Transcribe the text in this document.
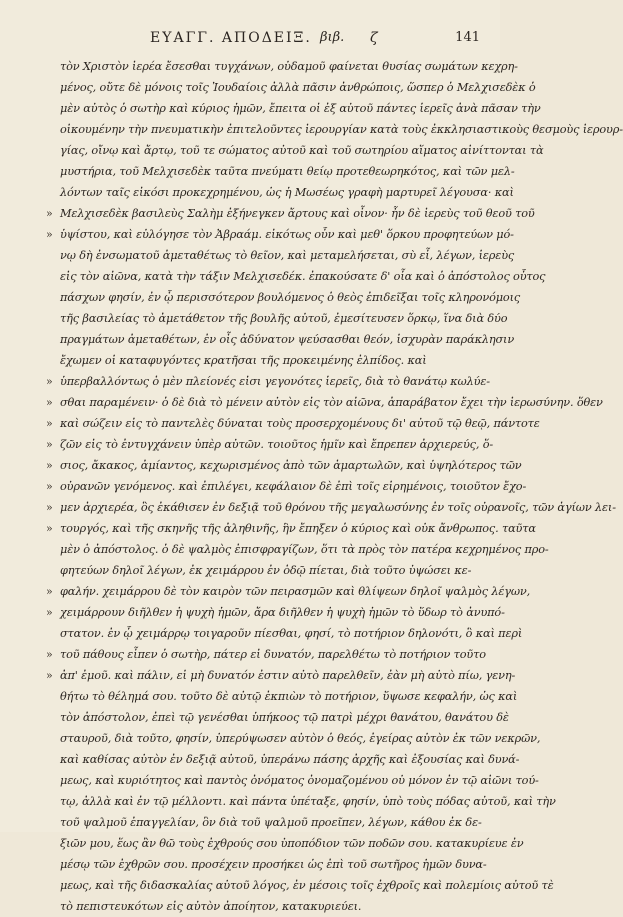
ΕΥΑΓΓ. ΑΠΟΔΕΙΞ. βιβ. ζ	141
τὸν Χριστὸν ἱερέα ἔσεσθαι τυγχάνων, οὐδαμοῦ φαίνεται θυσίας σωμάτων κεχρη-
μένος, οὔτε δὲ μόνοις τοῖς Ἰουδαίοις ἀλλὰ πᾶσιν ἀνθρώποις, ὥσπερ ὁ Μελχισεδὲκ ὁ
μὲν αὐτὸς ὁ σωτὴρ καὶ κύριος ἡμῶν, ἔπειτα οἱ ἐξ αὐτοῦ πάντες ἱερεῖς ἀνὰ πᾶσαν τὴν
οἰκουμένην τὴν πνευματικὴν ἐπιτελοῦντες ἱερουργίαν κατὰ τοὺς ἐκκλησιαστικοὺς θεσμοὺς ἱερουρ-
γίας, οἴνῳ καὶ ἄρτῳ, τοῦ τε σώματος αὐτοῦ καὶ τοῦ σωτηρίου αἵματος αἰνίττονται τὰ
μυστήρια, τοῦ Μελχισεδὲκ ταῦτα πνεύματι θείῳ προτεθεωρηκότος, καὶ τῶν μελ-
λόντων ταῖς εἰκόσι προκεχρημένου, ὡς ἡ Μωσέως γραφὴ μαρτυρεῖ λέγουσα· καὶ
» Μελχισεδὲκ βασιλεὺς Σαλὴμ ἐξήνεγκεν ἄρτους καὶ οἶνον· ἦν δὲ ἱερεὺς τοῦ θεοῦ τοῦ
» ὑψίστου, καὶ εὐλόγησε τὸν Ἀβραάμ. εἰκότως οὖν καὶ μεθ' ὅρκου προφητεύων μό-
νῳ δὴ ἐνσωματοῦ ἀμεταθέτως τὸ θεῖον, καὶ μεταμελήσεται, σὺ εἶ, λέγων, ἱερεὺς
εἰς τὸν αἰῶνα, κατὰ τὴν τάξιν Μελχισεδέκ. ἐπακούσατε δ' οἷα καὶ ὁ ἀπόστολος οὗτος
πάσχων φησίν, ἐν ᾧ περισσότερον βουλόμενος ὁ θεὸς ἐπιδεῖξαι τοῖς κληρονόμοις
τῆς βασιλείας τὸ ἀμετάθετον τῆς βουλῆς αὐτοῦ, ἐμεσίτευσεν ὅρκῳ, ἵνα διὰ δύο
πραγμάτων ἀμεταθέτων, ἐν οἷς ἀδύνατον ψεύσασθαι θεόν, ἰσχυρὰν παράκλησιν
ἔχωμεν οἱ καταφυγόντες κρατῆσαι τῆς προκειμένης ἐλπίδος. καὶ
» ὑπερβαλλόντως ὁ μὲν πλείονές εἰσι γεγονότες ἱερεῖς, διὰ τὸ θανάτῳ κωλύε-
» σθαι παραμένειν· ὁ δὲ διὰ τὸ μένειν αὐτὸν εἰς τὸν αἰῶνα, ἀπαράβατον ἔχει τὴν ἱερωσύνην. ὅθεν
» καὶ σώζειν εἰς τὸ παντελὲς δύναται τοὺς προσερχομένους δι' αὐτοῦ τῷ θεῷ, πάντοτε
» ζῶν εἰς τὸ ἐντυγχάνειν ὑπὲρ αὐτῶν. τοιοῦτος ἡμῖν καὶ ἔπρεπεν ἀρχιερεύς, ὅ-
» σιος, ἄκακος, ἀμίαντος, κεχωρισμένος ἀπὸ τῶν ἁμαρτωλῶν, καὶ ὑψηλότερος τῶν
» οὐρανῶν γενόμενος. καὶ ἐπιλέγει, κεφάλαιον δὲ ἐπὶ τοῖς εἰρημένοις, τοιοῦτον ἔχο-
» μεν ἀρχιερέα, ὃς ἐκάθισεν ἐν δεξιᾷ τοῦ θρόνου τῆς μεγαλωσύνης ἐν τοῖς οὐρανοῖς, τῶν ἁγίων λει-
» τουργός, καὶ τῆς σκηνῆς τῆς ἀληθινῆς, ἣν ἔπηξεν ὁ κύριος καὶ οὐκ ἄνθρωπος. ταῦτα
μὲν ὁ ἀπόστολος. ὁ δὲ ψαλμὸς ἐπισφραγίζων, ὅτι τὰ πρὸς τὸν πατέρα κεχρημένος προ-
φητεύων δηλοῖ λέγων, ἐκ χειμάρρου ἐν ὁδῷ πίεται, διὰ τοῦτο ὑψώσει κε-
» φαλήν. χειμάρρου δὲ τὸν καιρὸν τῶν πειρασμῶν καὶ θλίψεων δηλοῖ ψαλμὸς λέγων,
» χειμάρρουν διῆλθεν ἡ ψυχὴ ἡμῶν, ἄρα διῆλθεν ἡ ψυχὴ ἡμῶν τὸ ὕδωρ τὸ ἀνυπό-
στατον. ἐν ᾧ χειμάρρῳ τοιγαροῦν πίεσθαι, φησί, τὸ ποτήριον δηλονότι, ὃ καὶ περὶ
» τοῦ πάθους εἶπεν ὁ σωτὴρ, πάτερ εἰ δυνατόν, παρελθέτω τὸ ποτήριον τοῦτο
» ἀπ' ἐμοῦ. καὶ πάλιν, εἰ μὴ δυνατόν ἐστιν αὐτὸ παρελθεῖν, ἐὰν μὴ αὐτὸ πίω, γενη-
θήτω τὸ θέλημά σου. τοῦτο δὲ αὐτῷ ἐκπιὼν τὸ ποτήριον, ὕψωσε κεφαλήν, ὡς καὶ
τὸν ἀπόστολον, ἐπεὶ τῷ γενέσθαι ὑπήκοος τῷ πατρὶ μέχρι θανάτου, θανάτου δὲ
σταυροῦ, διὰ τοῦτο, φησίν, ὑπερύψωσεν αὐτὸν ὁ θεός, ἐγείρας αὐτὸν ἐκ τῶν νεκρῶν,
καὶ καθίσας αὐτὸν ἐν δεξιᾷ αὐτοῦ, ὑπεράνω πάσης ἀρχῆς καὶ ἐξουσίας καὶ δυνά-
μεως, καὶ κυριότητος καὶ παντὸς ὀνόματος ὀνομαζομένου οὐ μόνον ἐν τῷ αἰῶνι τού-
τῳ, ἀλλὰ καὶ ἐν τῷ μέλλοντι. καὶ πάντα ὑπέταξε, φησίν, ὑπὸ τοὺς πόδας αὐτοῦ, καὶ τὴν
τοῦ ψαλμοῦ ἐπαγγελίαν, ὃν διὰ τοῦ ψαλμοῦ προεῖπεν, λέγων, κάθου ἐκ δε-
ξιῶν μου, ἕως ἂν θῶ τοὺς ἐχθρούς σου ὑποπόδιον τῶν ποδῶν σου. κατακυρίευε ἐν
μέσῳ τῶν ἐχθρῶν σου. προσέχειν προσήκει ὡς ἐπὶ τοῦ σωτῆρος ἡμῶν δυνα-
μεως, καὶ τῆς διδασκαλίας αὐτοῦ λόγος, ἐν μέσοις τοῖς ἐχθροῖς καὶ πολεμίοις αὐτοῦ τὲ
τὸ πεπιστευκότων εἰς αὐτὸν ἀποίητον, κατακυριεύει.
